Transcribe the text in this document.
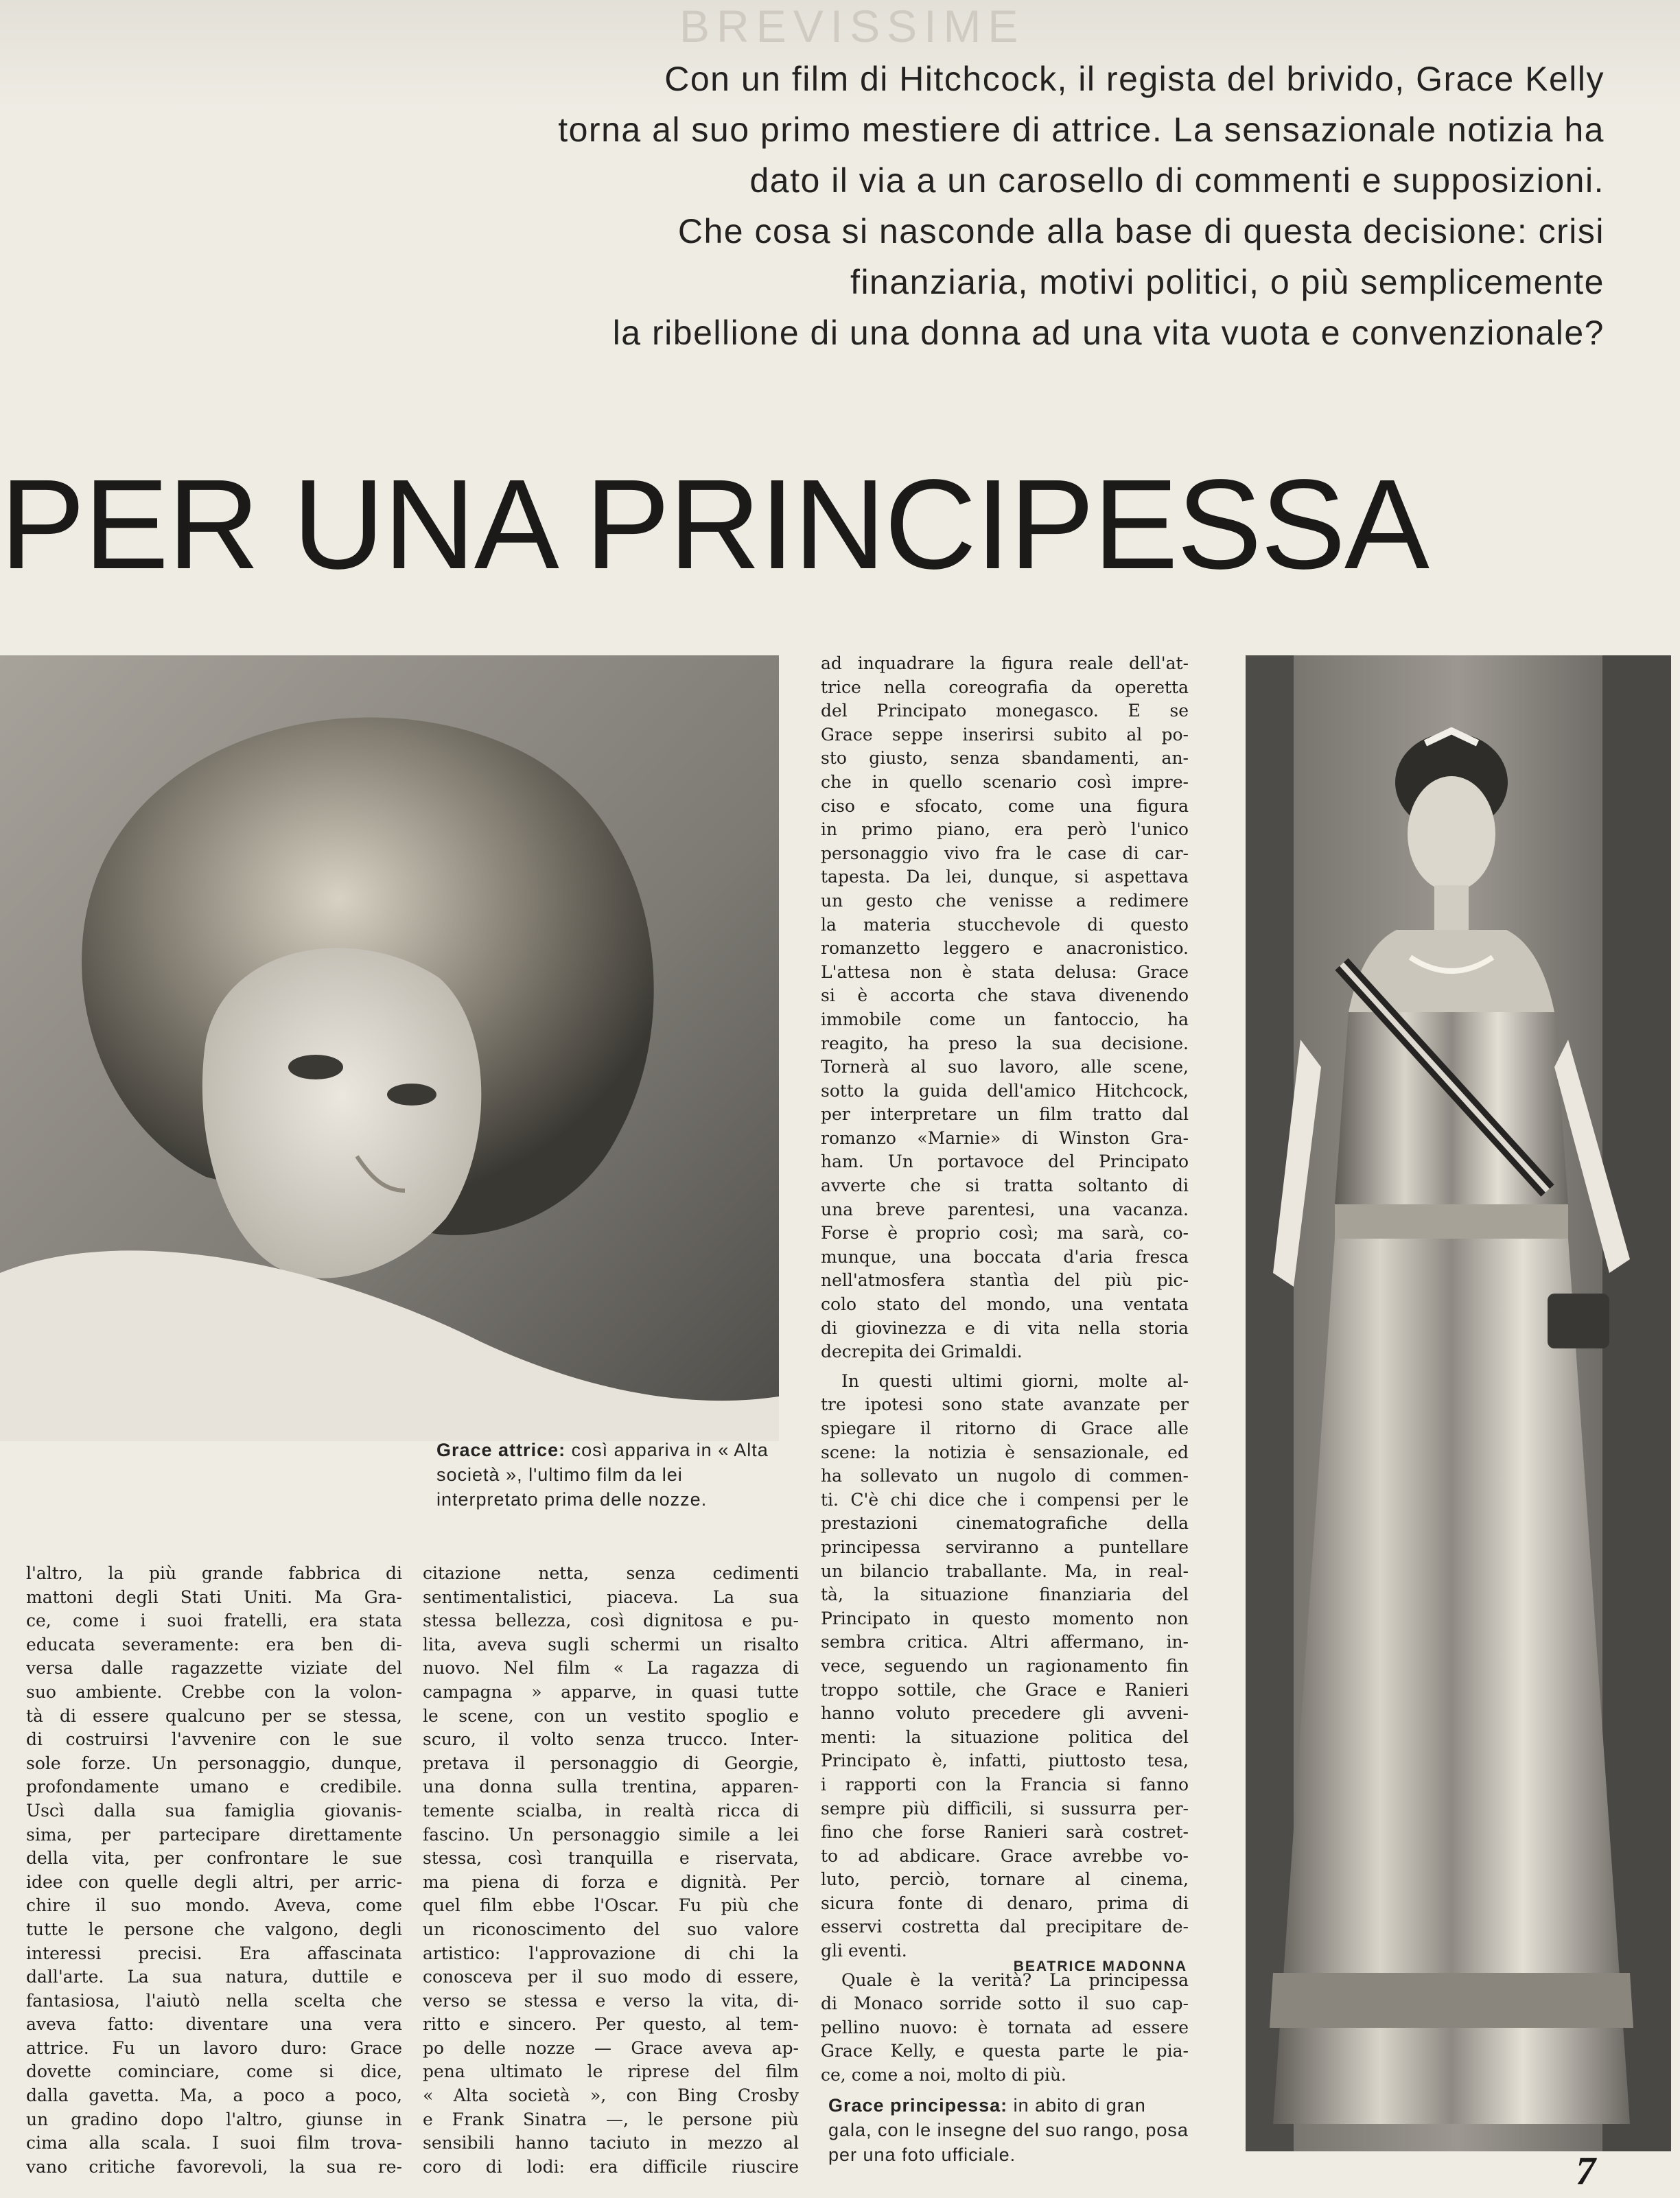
BREVISSIME
Con un film di Hitchcock, il regista del brivido, Grace Kelly
torna al suo primo mestiere di attrice. La sensazionale notizia ha
dato il via a un carosello di commenti e supposizioni.
Che cosa si nasconde alla base di questa decisione: crisi
finanziaria, motivi politici, o più semplicemente
la ribellione di una donna ad una vita vuota e convenzionale?
PER UNA PRINCIPESSA
Grace attrice: così appariva in « Alta società », l'ultimo film da lei interpretato prima delle nozze.
l'altro, la più grande fabbrica di
mattoni degli Stati Uniti. Ma Gra-
ce, come i suoi fratelli, era stata
educata severamente: era ben di-
versa dalle ragazzette viziate del
suo ambiente. Crebbe con la volon-
tà di essere qualcuno per se stessa,
di costruirsi l'avvenire con le sue
sole forze. Un personaggio, dunque,
profondamente umano e credibile.
Uscì dalla sua famiglia giovanis-
sima, per partecipare direttamente
della vita, per confrontare le sue
idee con quelle degli altri, per arric-
chire il suo mondo. Aveva, come
tutte le persone che valgono, degli
interessi precisi. Era affascinata
dall'arte. La sua natura, duttile e
fantasiosa, l'aiutò nella scelta che
aveva fatto: diventare una vera
attrice. Fu un lavoro duro: Grace
dovette cominciare, come si dice,
dalla gavetta. Ma, a poco a poco,
un gradino dopo l'altro, giunse in
cima alla scala. I suoi film trova-
vano critiche favorevoli, la sua re-
citazione netta, senza cedimenti
sentimentalistici, piaceva. La sua
stessa bellezza, così dignitosa e pu-
lita, aveva sugli schermi un risalto
nuovo. Nel film « La ragazza di
campagna » apparve, in quasi tutte
le scene, con un vestito spoglio e
scuro, il volto senza trucco. Inter-
pretava il personaggio di Georgie,
una donna sulla trentina, apparen-
temente scialba, in realtà ricca di
fascino. Un personaggio simile a lei
stessa, così tranquilla e riservata,
ma piena di forza e dignità. Per
quel film ebbe l'Oscar. Fu più che
un riconoscimento del suo valore
artistico: l'approvazione di chi la
conosceva per il suo modo di essere,
verso se stessa e verso la vita, di-
ritto e sincero. Per questo, al tem-
po delle nozze — Grace aveva ap-
pena ultimato le riprese del film
« Alta società », con Bing Crosby
e Frank Sinatra —, le persone più
sensibili hanno taciuto in mezzo al
coro di lodi: era difficile riuscire
ad inquadrare la figura reale dell'at-
trice nella coreografia da operetta
del Principato monegasco. E se
Grace seppe inserirsi subito al po-
sto giusto, senza sbandamenti, an-
che in quello scenario così impre-
ciso e sfocato, come una figura
in primo piano, era però l'unico
personaggio vivo fra le case di car-
tapesta. Da lei, dunque, si aspettava
un gesto che venisse a redimere
la materia stucchevole di questo
romanzetto leggero e anacronistico.
L'attesa non è stata delusa: Grace
si è accorta che stava divenendo
immobile come un fantoccio, ha
reagito, ha preso la sua decisione.
Tornerà al suo lavoro, alle scene,
sotto la guida dell'amico Hitchcock,
per interpretare un film tratto dal
romanzo «Marnie» di Winston Gra-
ham. Un portavoce del Principato
avverte che si tratta soltanto di
una breve parentesi, una vacanza.
Forse è proprio così; ma sarà, co-
munque, una boccata d'aria fresca
nell'atmosfera stantìa del più pic-
colo stato del mondo, una ventata
di giovinezza e di vita nella storia
decrepita dei Grimaldi.
In questi ultimi giorni, molte al-
tre ipotesi sono state avanzate per
spiegare il ritorno di Grace alle
scene: la notizia è sensazionale, ed
ha sollevato un nugolo di commen-
ti. C'è chi dice che i compensi per le
prestazioni cinematografiche della
principessa serviranno a puntellare
un bilancio traballante. Ma, in real-
tà, la situazione finanziaria del
Principato in questo momento non
sembra critica. Altri affermano, in-
vece, seguendo un ragionamento fin
troppo sottile, che Grace e Ranieri
hanno voluto precedere gli avveni-
menti: la situazione politica del
Principato è, infatti, piuttosto tesa,
i rapporti con la Francia si fanno
sempre più difficili, si sussurra per-
fino che forse Ranieri sarà costret-
to ad abdicare. Grace avrebbe vo-
luto, perciò, tornare al cinema,
sicura fonte di denaro, prima di
esservi costretta dal precipitare de-
gli eventi.
Quale è la verità? La principessa
di Monaco sorride sotto il suo cap-
pellino nuovo: è tornata ad essere
Grace Kelly, e questa parte le pia-
ce, come a noi, molto di più.
BEATRICE MADONNA
Grace principessa: in abito di gran gala, con le insegne del suo rango, posa per una foto ufficiale.	7
